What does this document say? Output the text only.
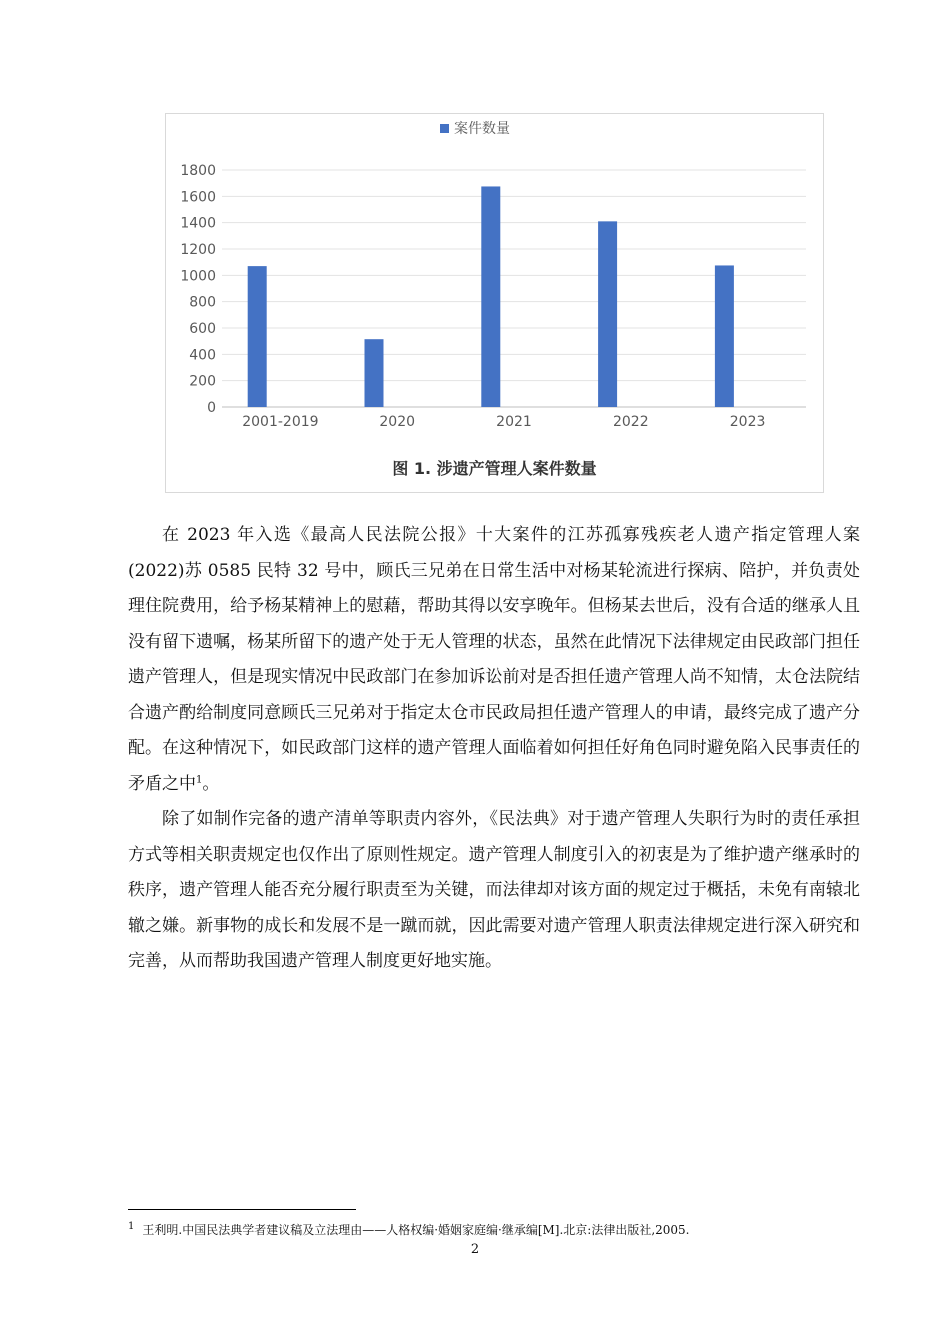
0
200
400
600
800
1000
1200
1400
1600
1800
2001-2019	2020	2021	2022	2023
案件数量
图 1. 涉遗产管理人案件数量

在 2023 年入选《最高人民法院公报》十大案件的江苏孤寡残疾老人遗产指定管理人案(2022)苏 0585 民特 32 号中，顾氏三兄弟在日常生活中对杨某轮流进行探病、陪护，并负责处理住院费用，给予杨某精神上的慰藉，帮助其得以安享晚年。但杨某去世后，没有合适的继承人且没有留下遗嘱，杨某所留下的遗产处于无人管理的状态，虽然在此情况下法律规定由民政部门担任遗产管理人，但是现实情况中民政部门在参加诉讼前对是否担任遗产管理人尚不知情，太仓法院结合遗产酌给制度同意顾氏三兄弟对于指定太仓市民政局担任遗产管理人的申请，最终完成了遗产分配。在这种情况下，如民政部门这样的遗产管理人面临着如何担任好角色同时避免陷入民事责任的矛盾之中$^1$。

除了如制作完备的遗产清单等职责内容外，《民法典》对于遗产管理人失职行为时的责任承担方式等相关职责规定也仅作出了原则性规定。遗产管理人制度引入的初衷是为了维护遗产继承时的秩序，遗产管理人能否充分履行职责至为关键，而法律却对该方面的规定过于概括，未免有南辕北辙之嫌。新事物的成长和发展不是一蹴而就，因此需要对遗产管理人职责法律规定进行深入研究和完善，从而帮助我国遗产管理人制度更好地实施。

$^1$ 王利明.中国民法典学者建议稿及立法理由——人格权编·婚姻家庭编·继承编[M].北京:法律出版社,2005.
2
